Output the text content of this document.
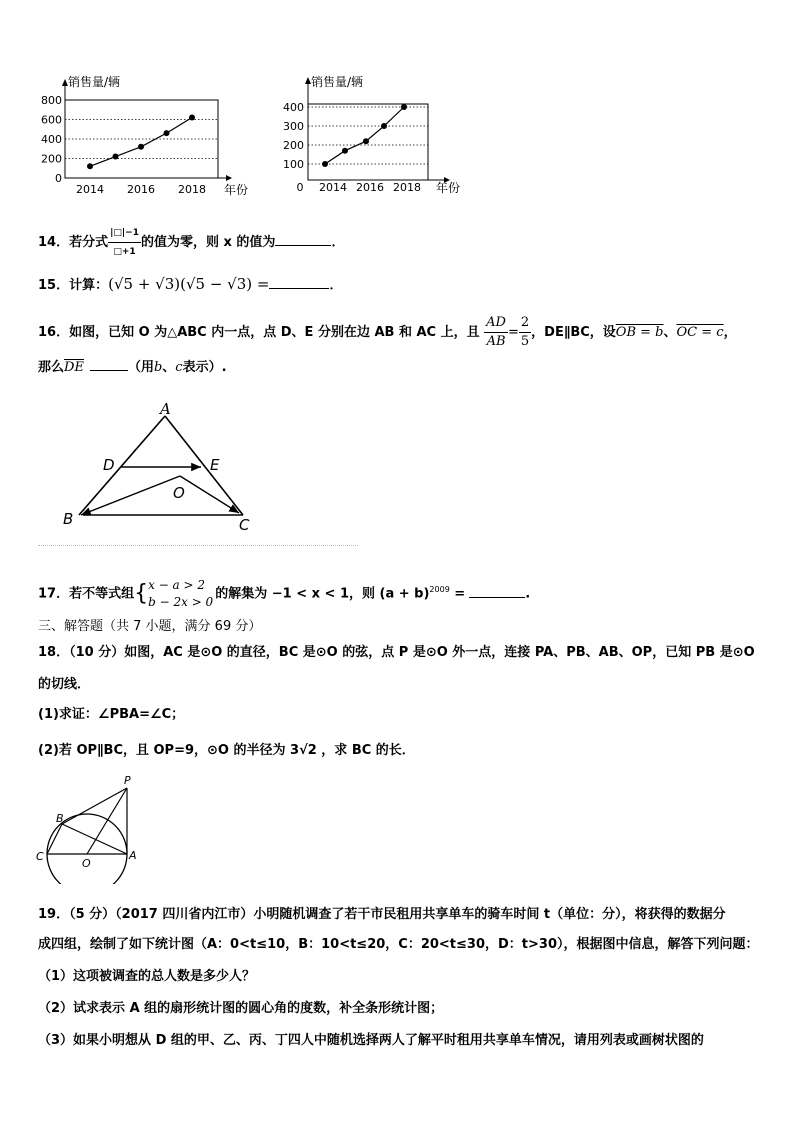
0
200
400
600
800
销售量/辆
年份
2014 2016 2018
100
200
300
400
销售量/辆
年份
0 2014 2016 2018
14．若分式 $\frac{|□|-1}{□+1}$ 的值为零，则 x 的值为	．
15．计算：(√5 + √3)(√5 − √3) =	．
16．如图，已知 O 为△ABC 内一点，点 D、E 分别在边 AB 和 AC 上，且 $\frac{AD}{AB} = \frac{2}{5}$ ，DE∥BC，设OB = b、OC = c，
那么$\overline{DE}$	（用b、c表示）.
A
B	C
D	E
O
17．若不等式组{ x − a > 2
b − 2x > 0
的解集为 −1 < x < 1，则 $(a + b)^{2009}$ =	.
三、解答题（共 7 小题，满分 69 分）
18．（10 分）如图，AC 是⊙O 的直径，BC 是⊙O 的弦，点 P 是⊙O 外一点，连接 PA、PB、AB、OP，已知 PB 是⊙O
的切线．
(1)求证：∠PBA=∠C；
(2)若 OP∥BC，且 OP=9，⊙O 的半径为 3√2 ，求 BC 的长．
P
B
C
O
A
19．（5 分）（2017 四川省内江市）小明随机调查了若干市民租用共享单车的骑车时间 t（单位：分），将获得的数据分
成四组，绘制了如下统计图（A：0<t≤10，B：10<t≤20，C：20<t≤30，D：t>30），根据图中信息，解答下列问题：
（1）这项被调查的总人数是多少人？
（2）试求表示 A 组的扇形统计图的圆心角的度数，补全条形统计图；
（3）如果小明想从 D 组的甲、乙、丙、丁四人中随机选择两人了解平时租用共享单车情况，请用列表或画树状图的
